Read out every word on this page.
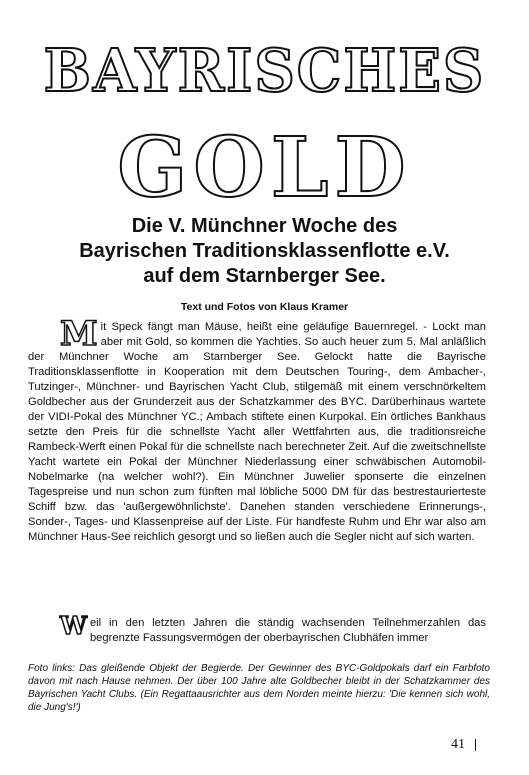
BAYRISCHES
GOLD
Die V. Münchner Woche des
Bayrischen Traditionsklassenflotte e.V.
auf dem Starnberger See.
Text und Fotos von Klaus Kramer
Mit Speck fängt man Mäuse, heißt eine geläufige Bauernregel. - Lockt man aber mit Gold, so kommen die Yachties. So auch heuer zum 5. Mal anläßlich der Münchner Woche am Starnberger See. Gelockt hatte die Bayrische Traditionsklassenflotte in Kooperation mit dem Deutschen Touring-, dem Ambacher-, Tutzinger-, Münchner- und Bayrischen Yacht Club, stilgemäß mit einem verschnörkeltem Goldbecher aus der Grunderzeit aus der Schatzkammer des BYC. Darüberhinaus wartete der VIDI-Pokal des Münchner YC.; Ambach stiftete einen Kurpokal. Ein örtliches Bankhaus setzte den Preis für die schnellste Yacht aller Wettfahrten aus, die traditionsreiche Rambeck-Werft einen Pokal für die schnellste nach berechneter Zeit. Auf die zweitschnellste Yacht wartete ein Pokal der Münchner Niederlassung einer schwäbischen Automobil-Nobelmarke (na welcher wohl?). Ein Münchner Juwelier sponserte die einzelnen Tagespreise und nun schon zum fünften mal löbliche 5000 DM für das bestrestaurierteste Schiff bzw. das 'außergewöhnlichste'. Danehen standen verschiedene Erinnerungs-, Sonder-, Tages- und Klassenpreise auf der Liste. Für handfeste Ruhm und Ehr war also am Münchner Haus-See reichlich gesorgt und so ließen auch die Segler nicht auf sich warten.
Weil in den letzten Jahren die ständig wachsenden Teilnehmerzahlen das begrenzte Fassungsvermögen der oberbayrischen Clubhäfen immer
Foto links: Das gleißende Objekt der Begierde. Der Gewinner des BYC-Goldpokals darf ein Farbfoto davon mit nach Hause nehmen. Der über 100 Jahre alte Goldbecher bleibt in der Schatzkammer des Bayrischen Yacht Clubs. (Ein Regattaausrichter aus dem Norden meinte hierzu: 'Die kennen sich wohl, die Jung's!')
41
